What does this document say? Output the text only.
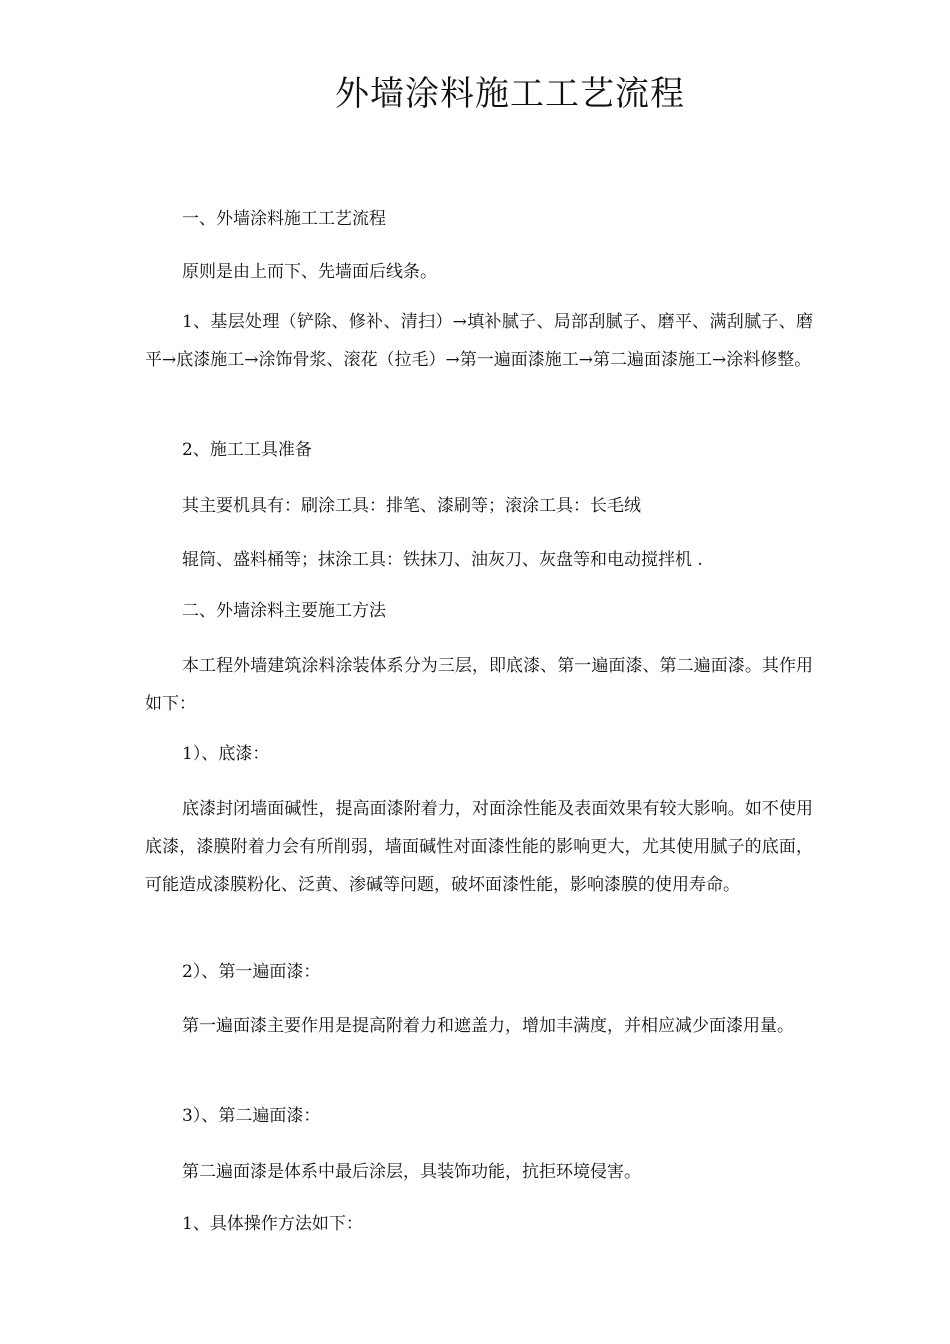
外墙涂料施工工艺流程
一、外墙涂料施工工艺流程
原则是由上而下、先墙面后线条。
1、基层处理（铲除、修补、清扫）→填补腻子、局部刮腻子、磨平、满刮腻子、磨平→底漆施工→涂饰骨浆、滚花（拉毛）→第一遍面漆施工→第二遍面漆施工→涂料修整。
2、施工工具准备
其主要机具有：刷涂工具：排笔、漆刷等；滚涂工具：长毛绒
辊筒、盛料桶等；抹涂工具：铁抹刀、油灰刀、灰盘等和电动搅拌机 .
二、外墙涂料主要施工方法
本工程外墙建筑涂料涂装体系分为三层，即底漆、第一遍面漆、第二遍面漆。其作用如下：
1）、底漆：
底漆封闭墙面碱性，提高面漆附着力，对面涂性能及表面效果有较大影响。如不使用底漆，漆膜附着力会有所削弱，墙面碱性对面漆性能的影响更大，尤其使用腻子的底面，可能造成漆膜粉化、泛黄、渗碱等问题，破坏面漆性能，影响漆膜的使用寿命。
2）、第一遍面漆：
第一遍面漆主要作用是提高附着力和遮盖力，增加丰满度，并相应减少面漆用量。
3）、第二遍面漆：
第二遍面漆是体系中最后涂层，具装饰功能，抗拒环境侵害。
1、具体操作方法如下：
